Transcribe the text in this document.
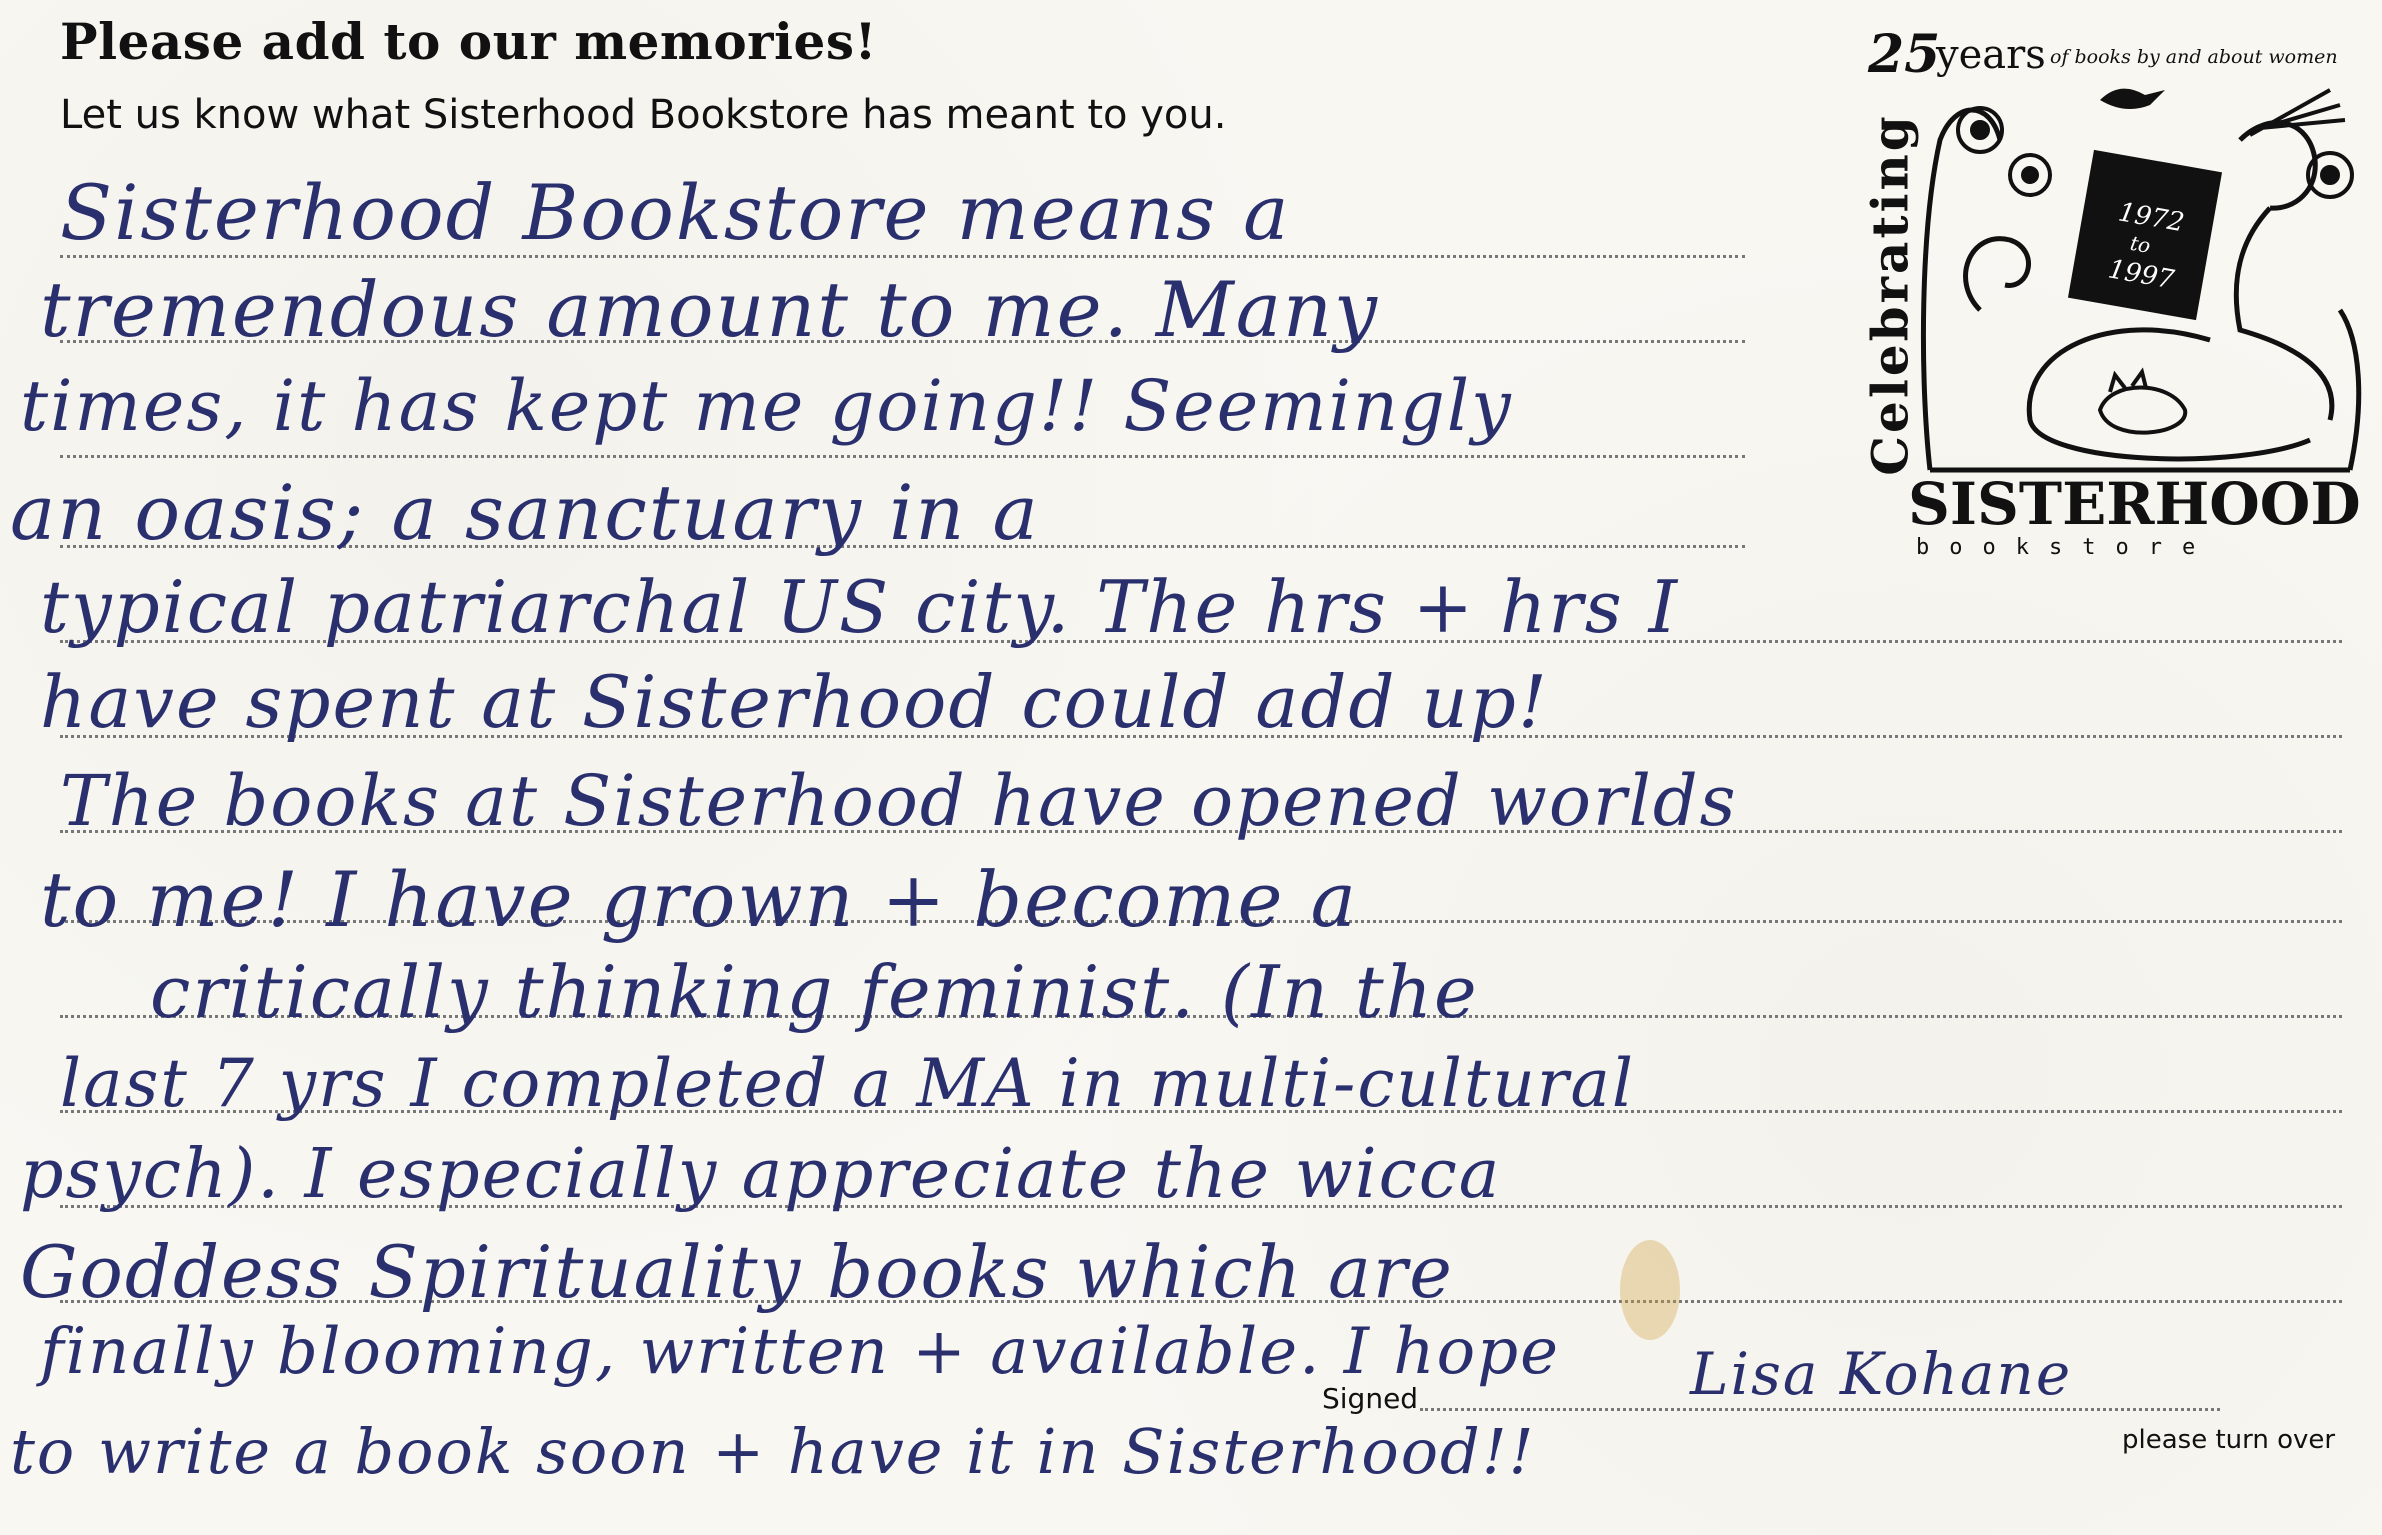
Please add to our memories!
Let us know what Sisterhood Bookstore has meant to you.
Sisterhood Bookstore means a
tremendous amount to me. Many
times, it has kept me going!! Seemingly
an oasis; a sanctuary in a
typical patriarchal US city. The hrs + hrs I
have spent at Sisterhood could add up!
The books at Sisterhood have opened worlds
to me! I have grown + become a
critically thinking feminist. (In the
last 7 yrs I completed a MA in multi-cultural
psych). I especially appreciate the wicca
Goddess Spirituality books which are
finally blooming, written + available. I hope
to write a book soon + have it in Sisterhood!!
Lisa Kohane
Signed
please turn over
25
years of books by and about women
Celebrating	1972
to
1997
SISTERHOOD
bookstore
